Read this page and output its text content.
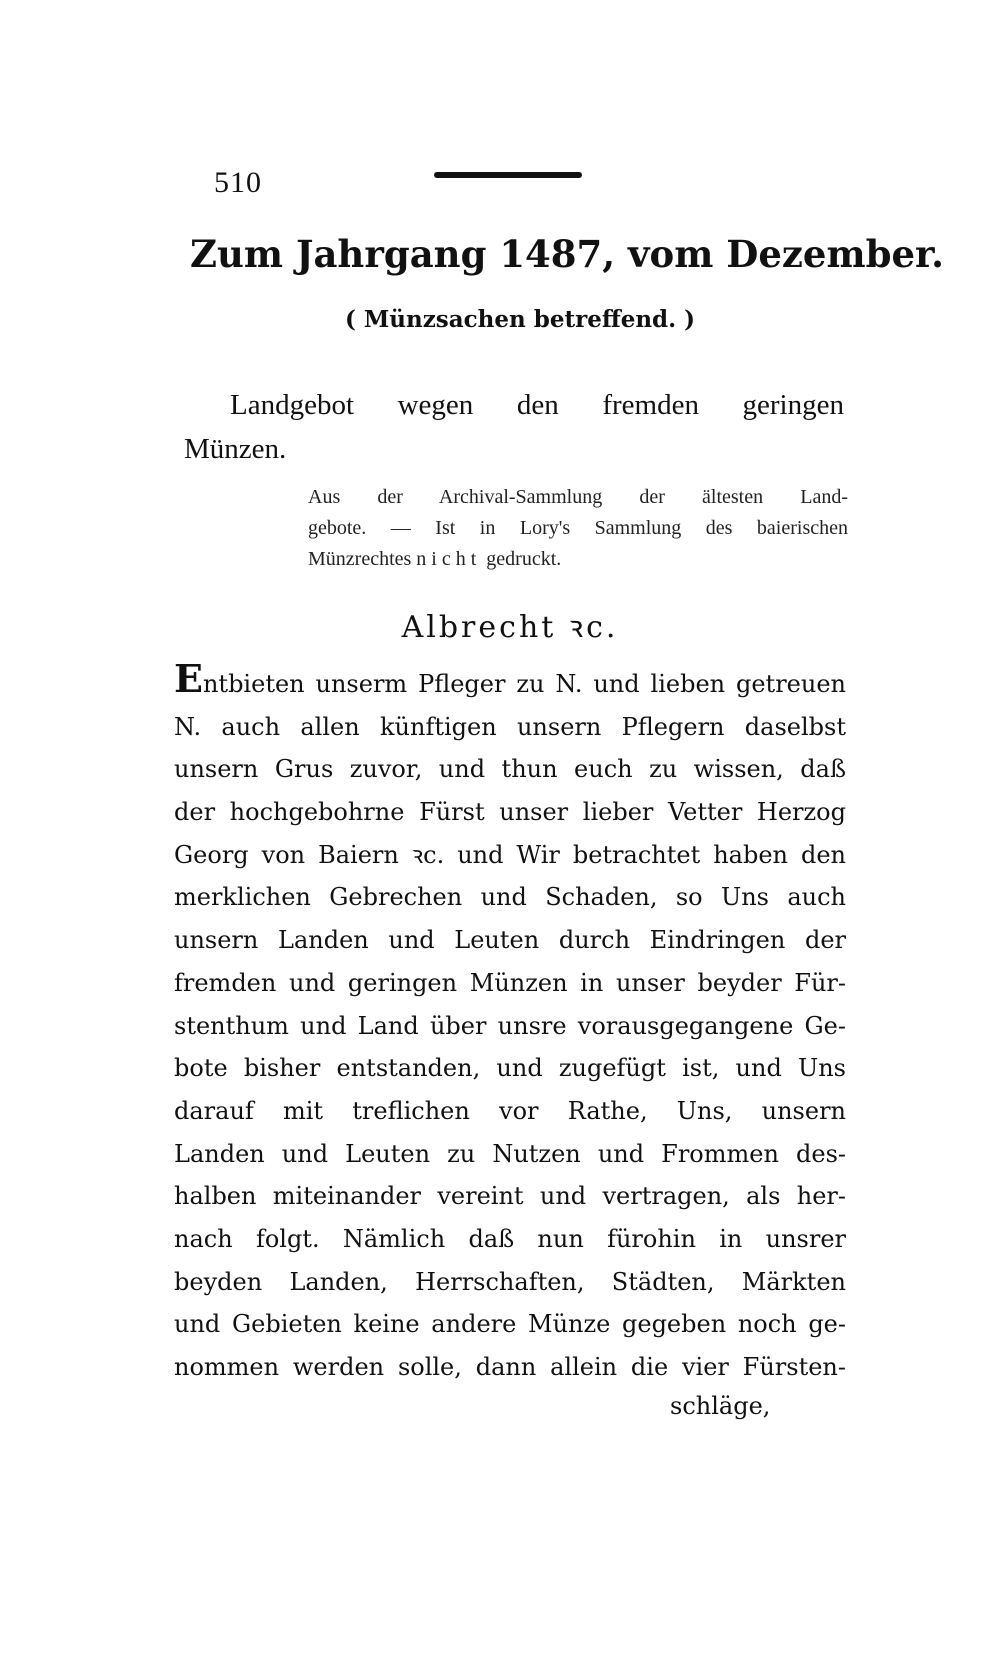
510
Zum Jahrgang 1487, vom Dezember.
( Münzsachen betreffend. )
Landgebot wegen den fremden geringen
Münzen.
Aus der Archival-Sammlung der ältesten Land-
gebote. — Ist in Lory's Sammlung des baierischen
Münzrechtes nicht gedruckt.
Albrecht ꝛc.
Entbieten unserm Pfleger zu N. und lieben getreuen
N. auch allen künftigen unsern Pflegern daselbst
unsern Grus zuvor, und thun euch zu wissen, daß
der hochgebohrne Fürst unser lieber Vetter Herzog
Georg von Baiern ꝛc. und Wir betrachtet haben den
merklichen Gebrechen und Schaden, so Uns auch
unsern Landen und Leuten durch Eindringen der
fremden und geringen Münzen in unser beyder Für-
stenthum und Land über unsre vorausgegangene Ge-
bote bisher entstanden, und zugefügt ist, und Uns
darauf mit treflichen vor Rathe, Uns, unsern
Landen und Leuten zu Nutzen und Frommen des-
halben miteinander vereint und vertragen, als her-
nach folgt. Nämlich daß nun fürohin in unsrer
beyden Landen, Herrschaften, Städten, Märkten
und Gebieten keine andere Münze gegeben noch ge-
nommen werden solle, dann allein die vier Fürsten-
schläge,
